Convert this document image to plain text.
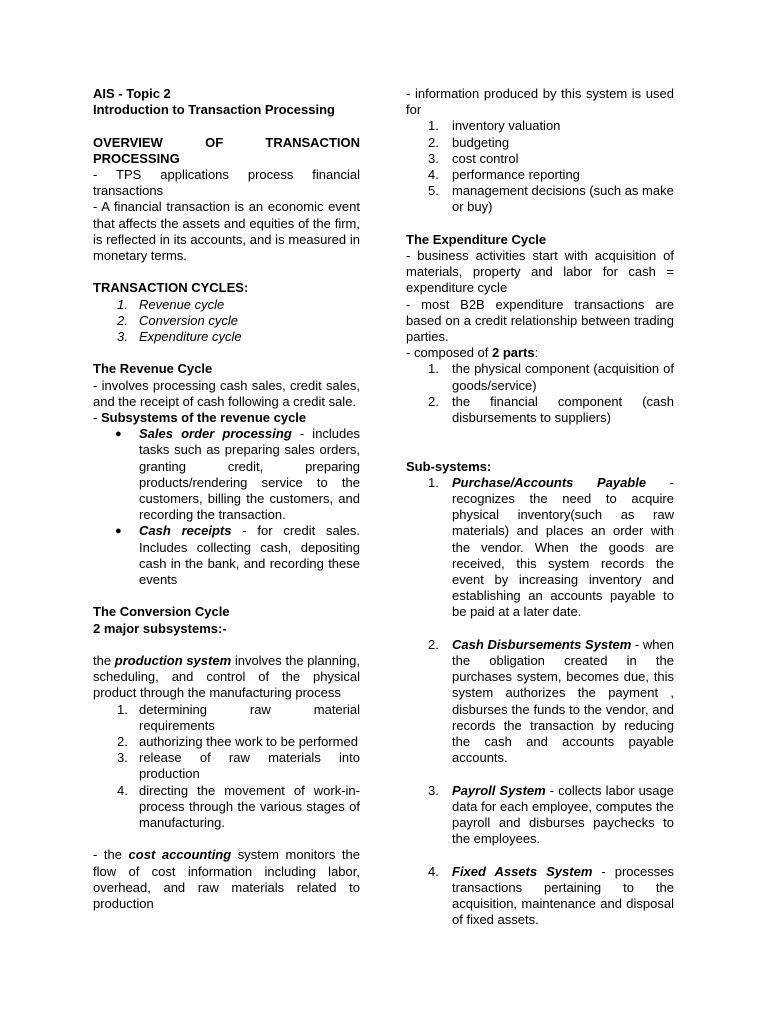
AIS - Topic 2

Introduction to Transaction Processing

OVERVIEW OF TRANSACTION PROCESSING

- TPS applications process financial transactions

- A financial transaction is an economic event that affects the assets and equities of the firm, is reflected in its accounts, and is measured in monetary terms.

TRANSACTION CYCLES:

1. Revenue cycle
2. Conversion cycle
3. Expenditure cycle

The Revenue Cycle

- involves processing cash sales, credit sales, and the receipt of cash following a credit sale.

- Subsystems of the revenue cycle

● Sales order processing - includes tasks such as preparing sales orders, granting credit, preparing products/rendering service to the customers, billing the customers, and recording the transaction.
● Cash receipts - for credit sales. Includes collecting cash, depositing cash in the bank, and recording these events

The Conversion Cycle

2 major subsystems:-

the production system involves the planning, scheduling, and control of the physical product through the manufacturing process

1. determining raw material requirements
2. authorizing thee work to be performed
3. release of raw materials into production
4. directing the movement of work-in-process through the various stages of manufacturing.

- the cost accounting system monitors the flow of cost information including labor, overhead, and raw materials related to production

- information produced by this system is used for

1. inventory valuation
2. budgeting
3. cost control
4. performance reporting
5. management decisions (such as make or buy)

The Expenditure Cycle

- business activities start with acquisition of materials, property and labor for cash = expenditure cycle

- most B2B expenditure transactions are based on a credit relationship between trading parties.

- composed of 2 parts:

1. the physical component (acquisition of goods/service)
2. the financial component (cash disbursements to suppliers)

Sub-systems:

1. Purchase/Accounts Payable - recognizes the need to acquire physical inventory(such as raw materials) and places an order with the vendor. When the goods are received, this system records the event by increasing inventory and establishing an accounts payable to be paid at a later date.
2. Cash Disbursements System - when the obligation created in the purchases system, becomes due, this system authorizes the payment , disburses the funds to the vendor, and records the transaction by reducing the cash and accounts payable accounts.
3. Payroll System - collects labor usage data for each employee, computes the payroll and disburses paychecks to the employees.
4. Fixed Assets System - processes transactions pertaining to the acquisition, maintenance and disposal of fixed assets.
